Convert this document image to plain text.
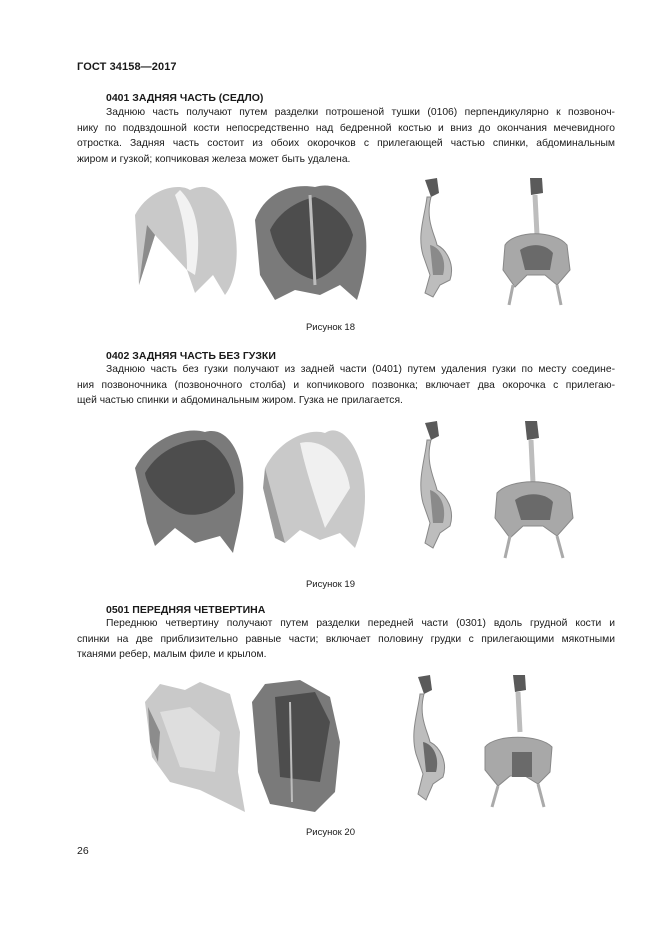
ГОСТ 34158—2017
0401 ЗАДНЯЯ ЧАСТЬ (СЕДЛО)
Заднюю часть получают путем разделки потрошеной тушки (0106) перпендикулярно к позвоноч-
нику по подвздошной кости непосредственно над бедренной костью и вниз до окончания мечевидного
отростка. Задняя часть состоит из обоих окорочков с прилегающей частью спинки, абдоминальным
жиром и гузкой; копчиковая железа может быть удалена.
Рисунок 18
0402 ЗАДНЯЯ ЧАСТЬ БЕЗ ГУЗКИ
Заднюю часть без гузки получают из задней части (0401) путем удаления гузки по месту соедине-
ния позвоночника (позвоночного столба) и копчикового позвонка; включает два окорочка с прилегаю-
щей частью спинки и абдоминальным жиром. Гузка не прилагается.
Рисунок 19
0501 ПЕРЕДНЯЯ ЧЕТВЕРТИНА
Переднюю четвертину получают путем разделки передней части (0301) вдоль грудной кости и
спинки на две приблизительно равные части; включает половину грудки с прилегающими мякотными
тканями ребер, малым филе и крылом.
Рисунок 20
26
